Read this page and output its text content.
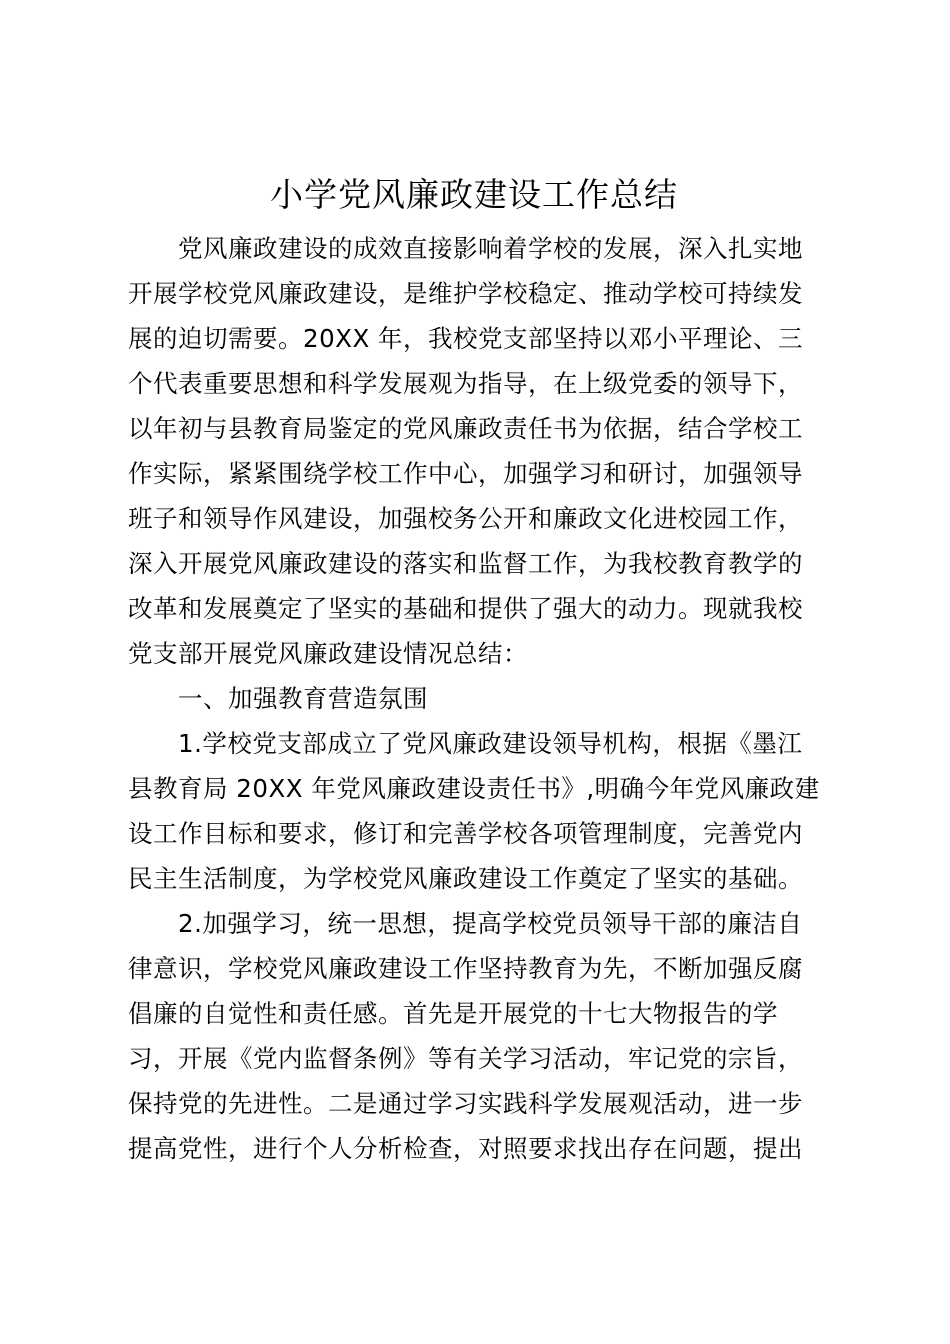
小学党风廉政建设工作总结
党风廉政建设的成效直接影响着学校的发展，深入扎实地
开展学校党风廉政建设，是维护学校稳定、推动学校可持续发
展的迫切需要。20XX 年，我校党支部坚持以邓小平理论、三
个代表重要思想和科学发展观为指导，在上级党委的领导下，
以年初与县教育局鉴定的党风廉政责任书为依据，结合学校工
作实际，紧紧围绕学校工作中心，加强学习和研讨，加强领导
班子和领导作风建设，加强校务公开和廉政文化进校园工作，
深入开展党风廉政建设的落实和监督工作，为我校教育教学的
改革和发展奠定了坚实的基础和提供了强大的动力。现就我校
党支部开展党风廉政建设情况总结：
一、加强教育营造氛围
1.学校党支部成立了党风廉政建设领导机构，根据《墨江
县教育局 20XX 年党风廉政建设责任书》,明确今年党风廉政建
设工作目标和要求，修订和完善学校各项管理制度，完善党内
民主生活制度，为学校党风廉政建设工作奠定了坚实的基础。
2.加强学习，统一思想，提高学校党员领导干部的廉洁自
律意识，学校党风廉政建设工作坚持教育为先，不断加强反腐
倡廉的自觉性和责任感。首先是开展党的十七大物报告的学
习，开展《党内监督条例》等有关学习活动，牢记党的宗旨，
保持党的先进性。二是通过学习实践科学发展观活动，进一步
提高党性，进行个人分析检查，对照要求找出存在问题，提出
